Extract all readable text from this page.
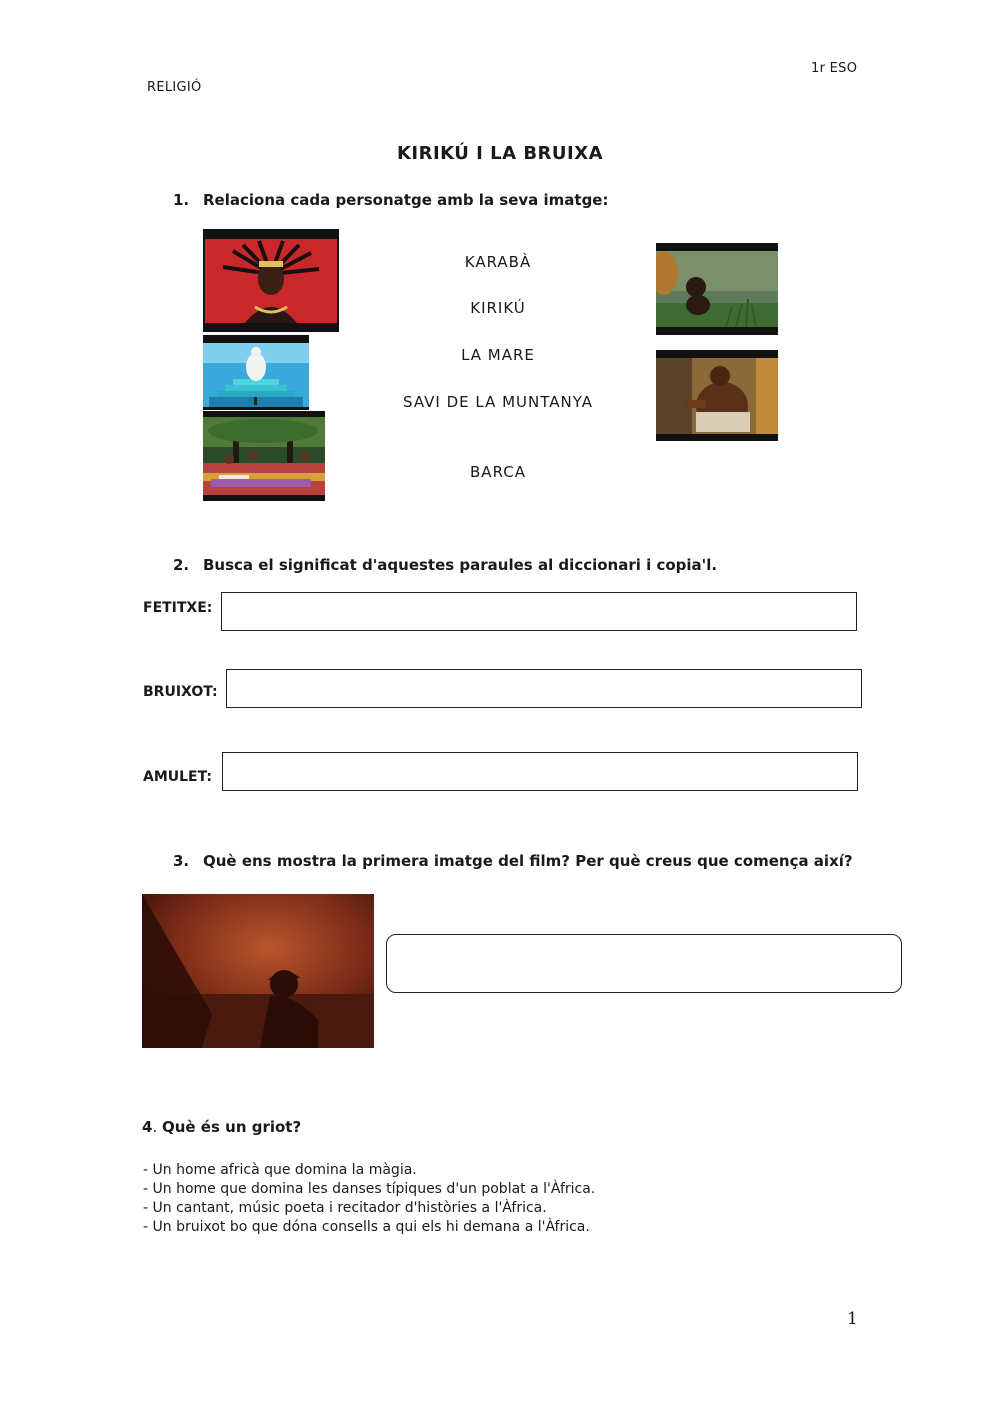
RELIGIÓ
1r ESO
KIRIKÚ I LA BRUIXA
1. Relaciona cada personatge amb la seva imatge:
KARABÀ
KIRIKÚ
LA MARE
SAVI DE LA MUNTANYA
BARCA
2. Busca el significat d'aquestes paraules al diccionari i copia'l.
FETITXE:
BRUIXOT:
AMULET:
3. Què ens mostra la primera imatge del film? Per què creus que comença així?
4. Què és un griot?
- Un home africà que domina la màgia.
- Un home que domina les danses típiques d'un poblat a l'Àfrica.
- Un cantant, músic poeta i recitador d'històries a l'Àfrica.
- Un bruixot bo que dóna consells a qui els hi demana a l'Àfrica.
1
